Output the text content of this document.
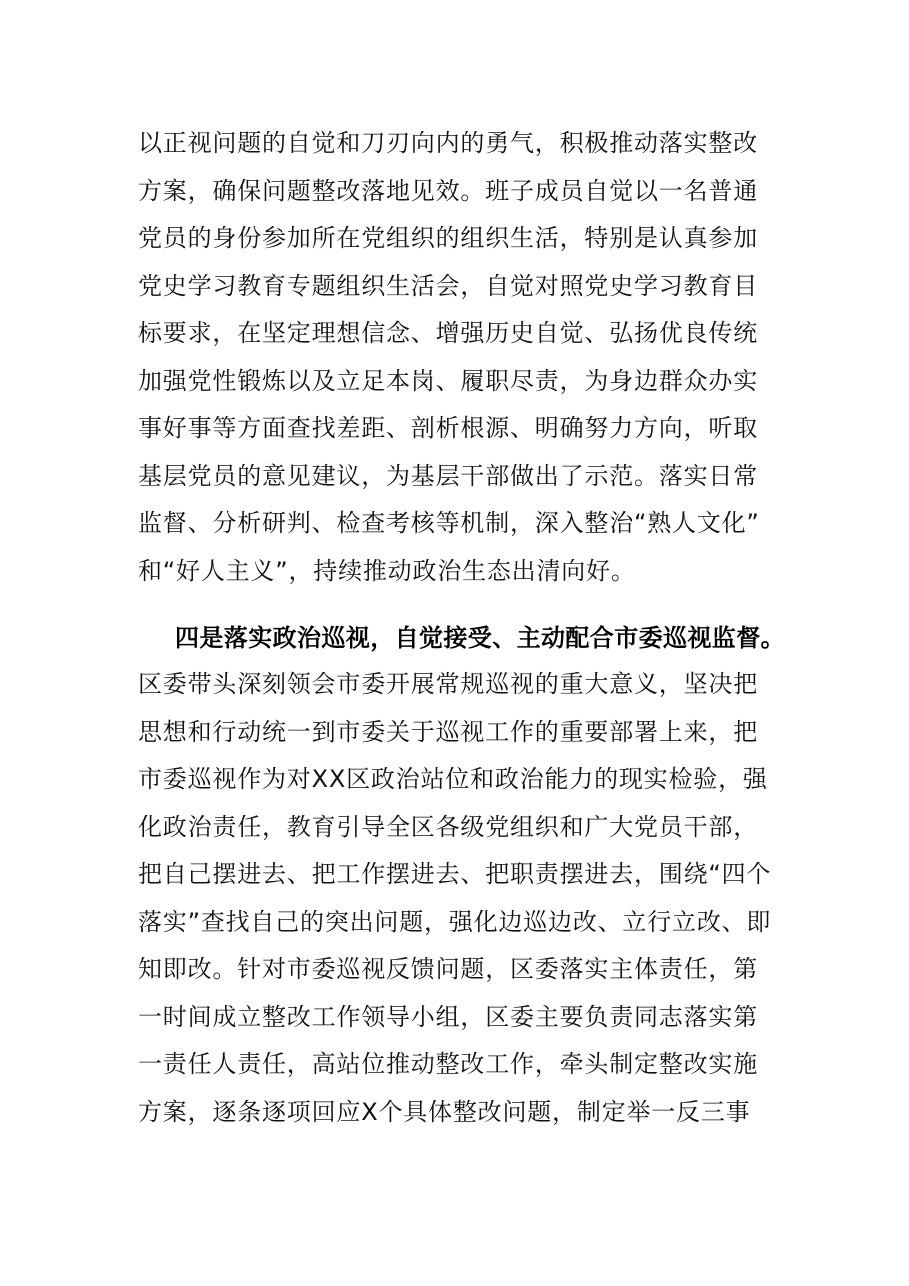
以正视问题的自觉和刀刃向内的勇气，积极推动落实整改
方案，确保问题整改落地见效。班子成员自觉以一名普通
党员的身份参加所在党组织的组织生活，特别是认真参加
党史学习教育专题组织生活会，自觉对照党史学习教育目
标要求，在坚定理想信念、增强历史自觉、弘扬优良传统
加强党性锻炼以及立足本岗、履职尽责，为身边群众办实
事好事等方面查找差距、剖析根源、明确努力方向，听取
基层党员的意见建议，为基层干部做出了示范。落实日常
监督、分析研判、检查考核等机制，深入整治“熟人文化”
和“好人主义”，持续推动政治生态出清向好。
四是落实政治巡视，自觉接受、主动配合市委巡视监督。
区委带头深刻领会市委开展常规巡视的重大意义，坚决把
思想和行动统一到市委关于巡视工作的重要部署上来，把
市委巡视作为对XX区政治站位和政治能力的现实检验，强
化政治责任，教育引导全区各级党组织和广大党员干部，
把自己摆进去、把工作摆进去、把职责摆进去，围绕“四个
落实”查找自己的突出问题，强化边巡边改、立行立改、即
知即改。针对市委巡视反馈问题，区委落实主体责任，第
一时间成立整改工作领导小组，区委主要负责同志落实第
一责任人责任，高站位推动整改工作，牵头制定整改实施
方案，逐条逐项回应X个具体整改问题，制定举一反三事
